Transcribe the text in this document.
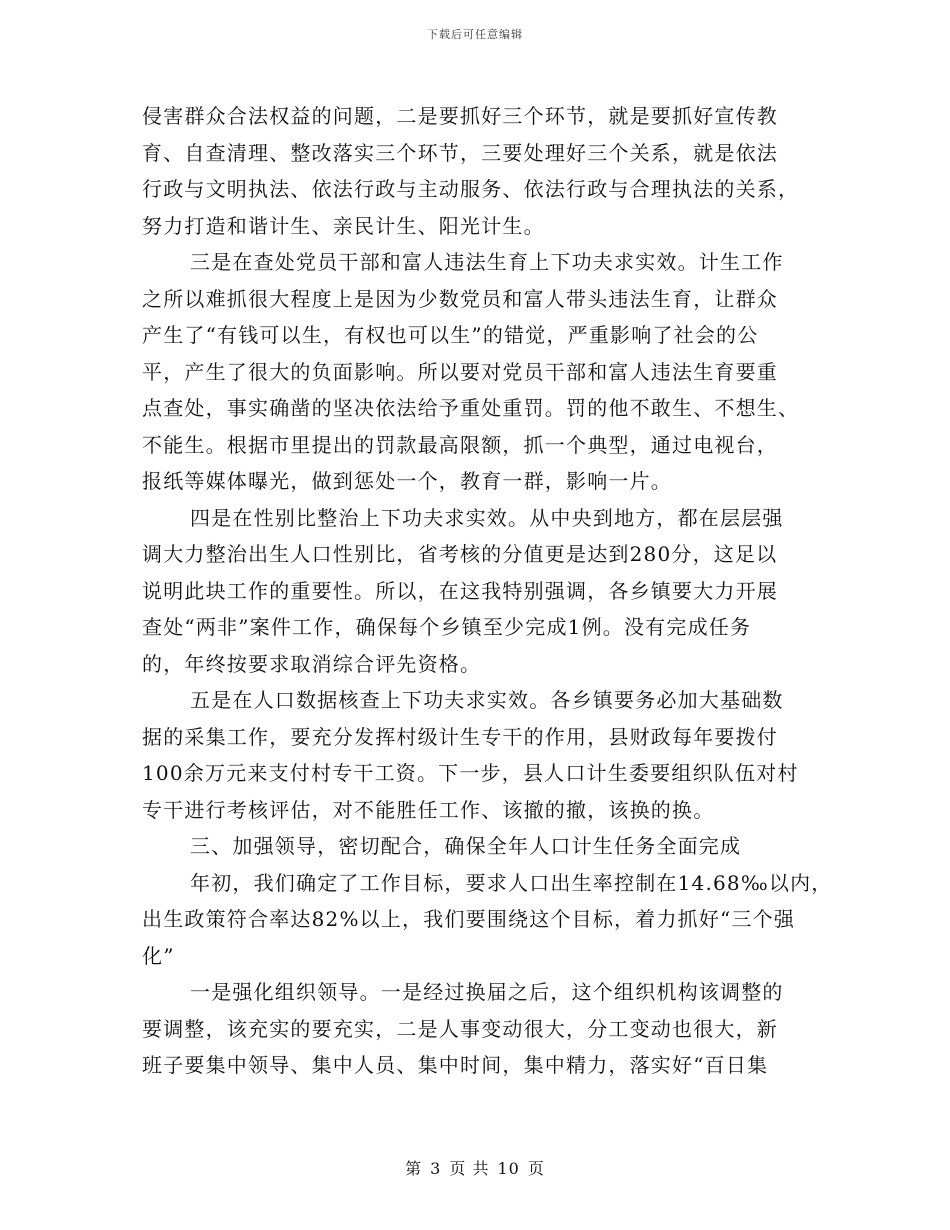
下载后可任意编辑
侵害群众合法权益的问题，二是要抓好三个环节，就是要抓好宣传教
育、自查清理、整改落实三个环节，三要处理好三个关系，就是依法
行政与文明执法、依法行政与主动服务、依法行政与合理执法的关系，
努力打造和谐计生、亲民计生、阳光计生。
三是在查处党员干部和富人违法生育上下功夫求实效。计生工作
之所以难抓很大程度上是因为少数党员和富人带头违法生育，让群众
产生了“有钱可以生，有权也可以生”的错觉，严重影响了社会的公
平，产生了很大的负面影响。所以要对党员干部和富人违法生育要重
点查处，事实确凿的坚决依法给予重处重罚。罚的他不敢生、不想生、
不能生。根据市里提出的罚款最高限额，抓一个典型，通过电视台，
报纸等媒体曝光，做到惩处一个，教育一群，影响一片。
四是在性别比整治上下功夫求实效。从中央到地方，都在层层强
调大力整治出生人口性别比，省考核的分值更是达到280分，这足以
说明此块工作的重要性。所以，在这我特别强调，各乡镇要大力开展
查处“两非”案件工作，确保每个乡镇至少完成1例。没有完成任务
的，年终按要求取消综合评先资格。
五是在人口数据核查上下功夫求实效。各乡镇要务必加大基础数
据的采集工作，要充分发挥村级计生专干的作用，县财政每年要拨付
100余万元来支付村专干工资。下一步，县人口计生委要组织队伍对村
专干进行考核评估，对不能胜任工作、该撤的撤，该换的换。
三、加强领导，密切配合，确保全年人口计生任务全面完成
年初，我们确定了工作目标，要求人口出生率控制在14.68‰以内，
出生政策符合率达82%以上，我们要围绕这个目标，着力抓好“三个强
化”
一是强化组织领导。一是经过换届之后，这个组织机构该调整的
要调整，该充实的要充实，二是人事变动很大，分工变动也很大，新
班子要集中领导、集中人员、集中时间，集中精力，落实好“百日集
第 3 页 共 10 页
